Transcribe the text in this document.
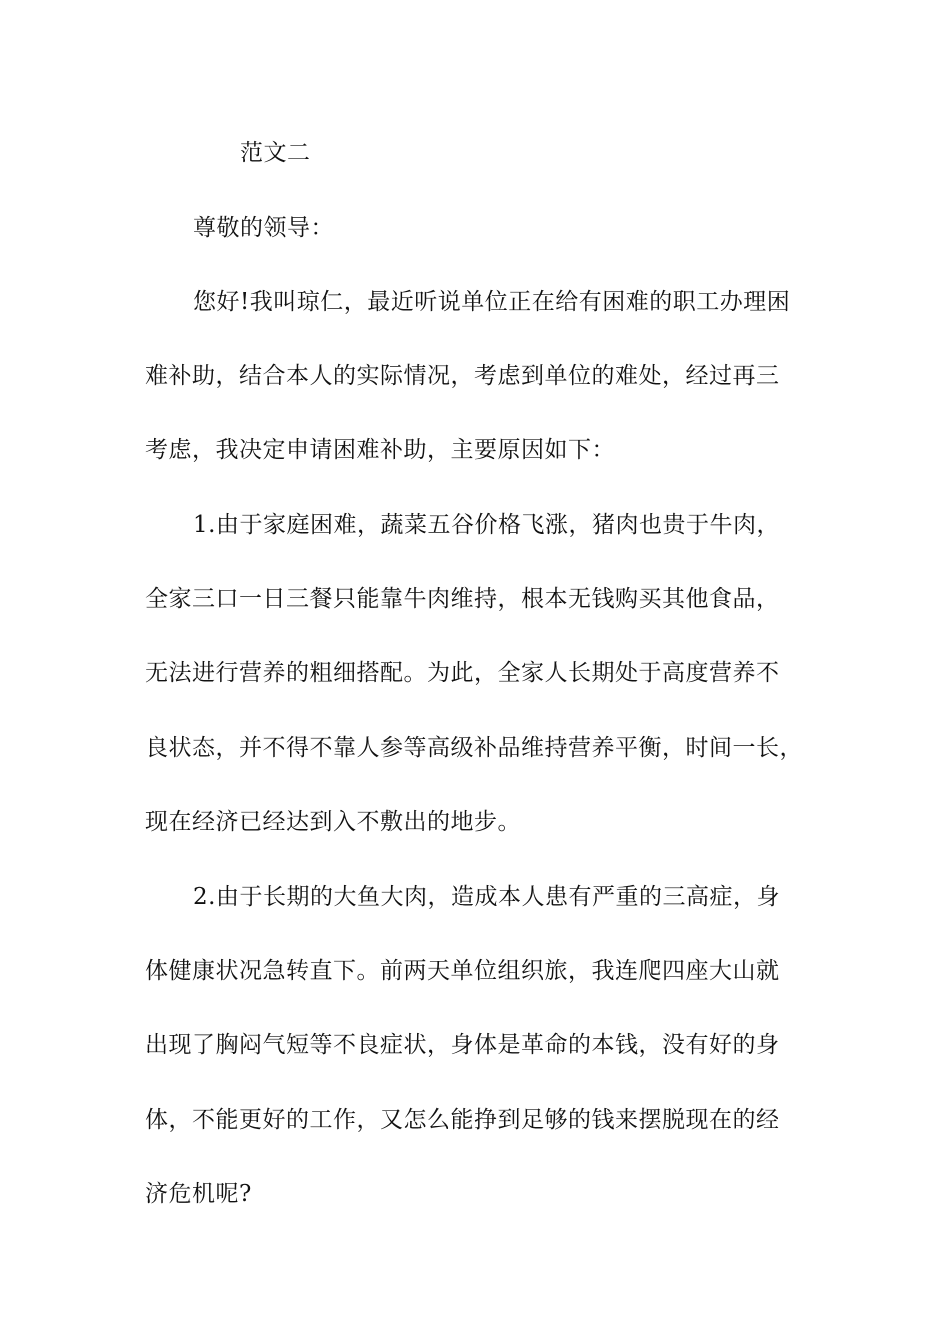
范文二
尊敬的领导：
您好!我叫琼仁，最近听说单位正在给有困难的职工办理困
难补助，结合本人的实际情况，考虑到单位的难处，经过再三
考虑，我决定申请困难补助，主要原因如下：
1.由于家庭困难，蔬菜五谷价格飞涨，猪肉也贵于牛肉，
全家三口一日三餐只能靠牛肉维持，根本无钱购买其他食品，
无法进行营养的粗细搭配。为此，全家人长期处于高度营养不
良状态，并不得不靠人参等高级补品维持营养平衡，时间一长，
现在经济已经达到入不敷出的地步。
2.由于长期的大鱼大肉，造成本人患有严重的三高症，身
体健康状况急转直下。前两天单位组织旅，我连爬四座大山就
出现了胸闷气短等不良症状，身体是革命的本钱，没有好的身
体，不能更好的工作，又怎么能挣到足够的钱来摆脱现在的经
济危机呢?
